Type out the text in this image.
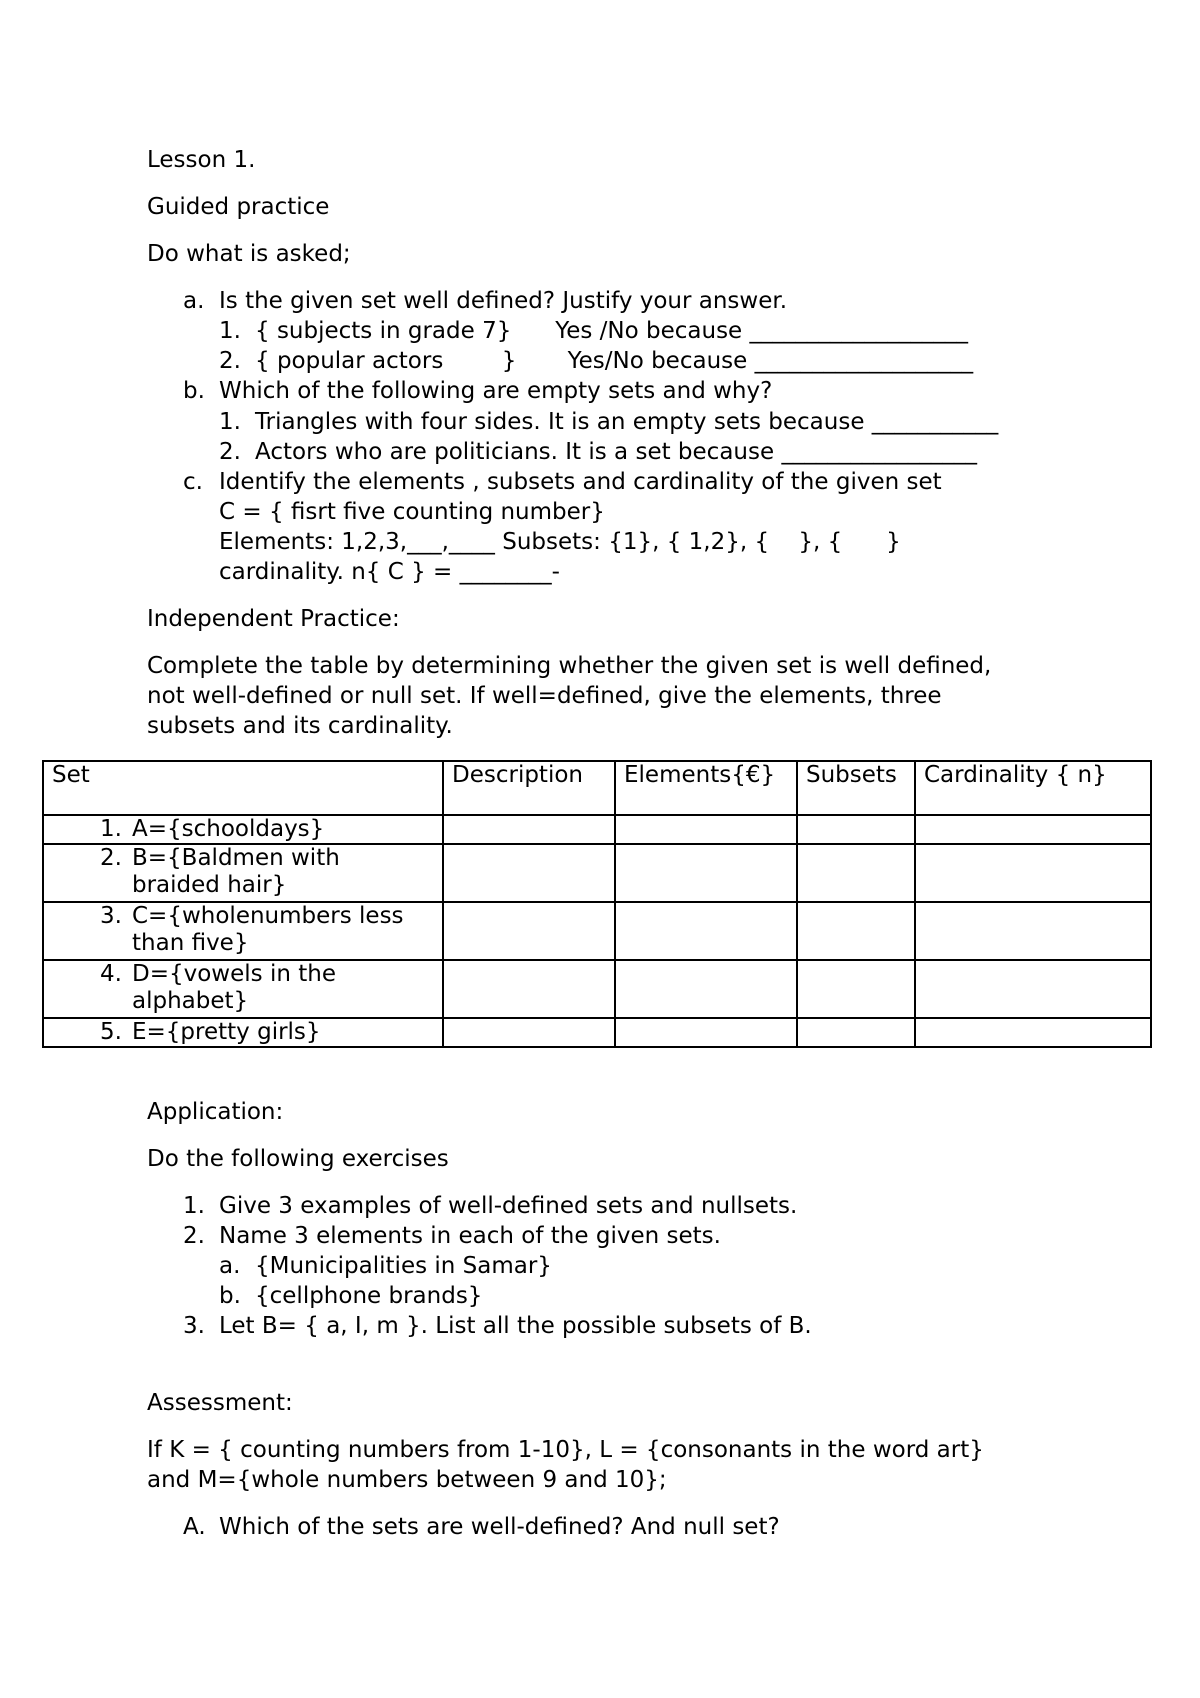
Lesson 1.
Guided practice
Do what is asked;
a. Is the given set well defined? Justify your answer.
1. { subjects in grade 7}      Yes /No because ___________________
2. { popular actors        }       Yes/No because ___________________
b. Which of the following are empty sets and why?
1. Triangles with four sides. It is an empty sets because ___________
2. Actors who are politicians. It is a set because _________________
c. Identify the elements , subsets and cardinality of the given set
C = { fisrt five counting number}
Elements: 1,2,3,___,____ Subsets: {1}, { 1,2}, {    }, {      }
cardinality. n{ C } = ________-
Independent Practice:
Complete the table by determining whether the given set is well defined,
not well-defined or null set. If well=defined, give the elements, three
subsets and its cardinality.
Set	Description	Elements{€}	Subsets	Cardinality { n}

1. A={schooldays}				

2. B={Baldmen with braided hair}				

3. C={wholenumbers less than five}				

4. D={vowels in the alphabet}				

5. E={pretty girls}				

Application:
Do the following exercises
1. Give 3 examples of well-defined sets and nullsets.
2. Name 3 elements in each of the given sets.
a. {Municipalities in Samar}
b. {cellphone brands}
3. Let B= { a, I, m }. List all the possible subsets of B.
Assessment:
If K = { counting numbers from 1-10}, L = {consonants in the word art}
and M={whole numbers between 9 and 10};
A. Which of the sets are well-defined? And null set?
